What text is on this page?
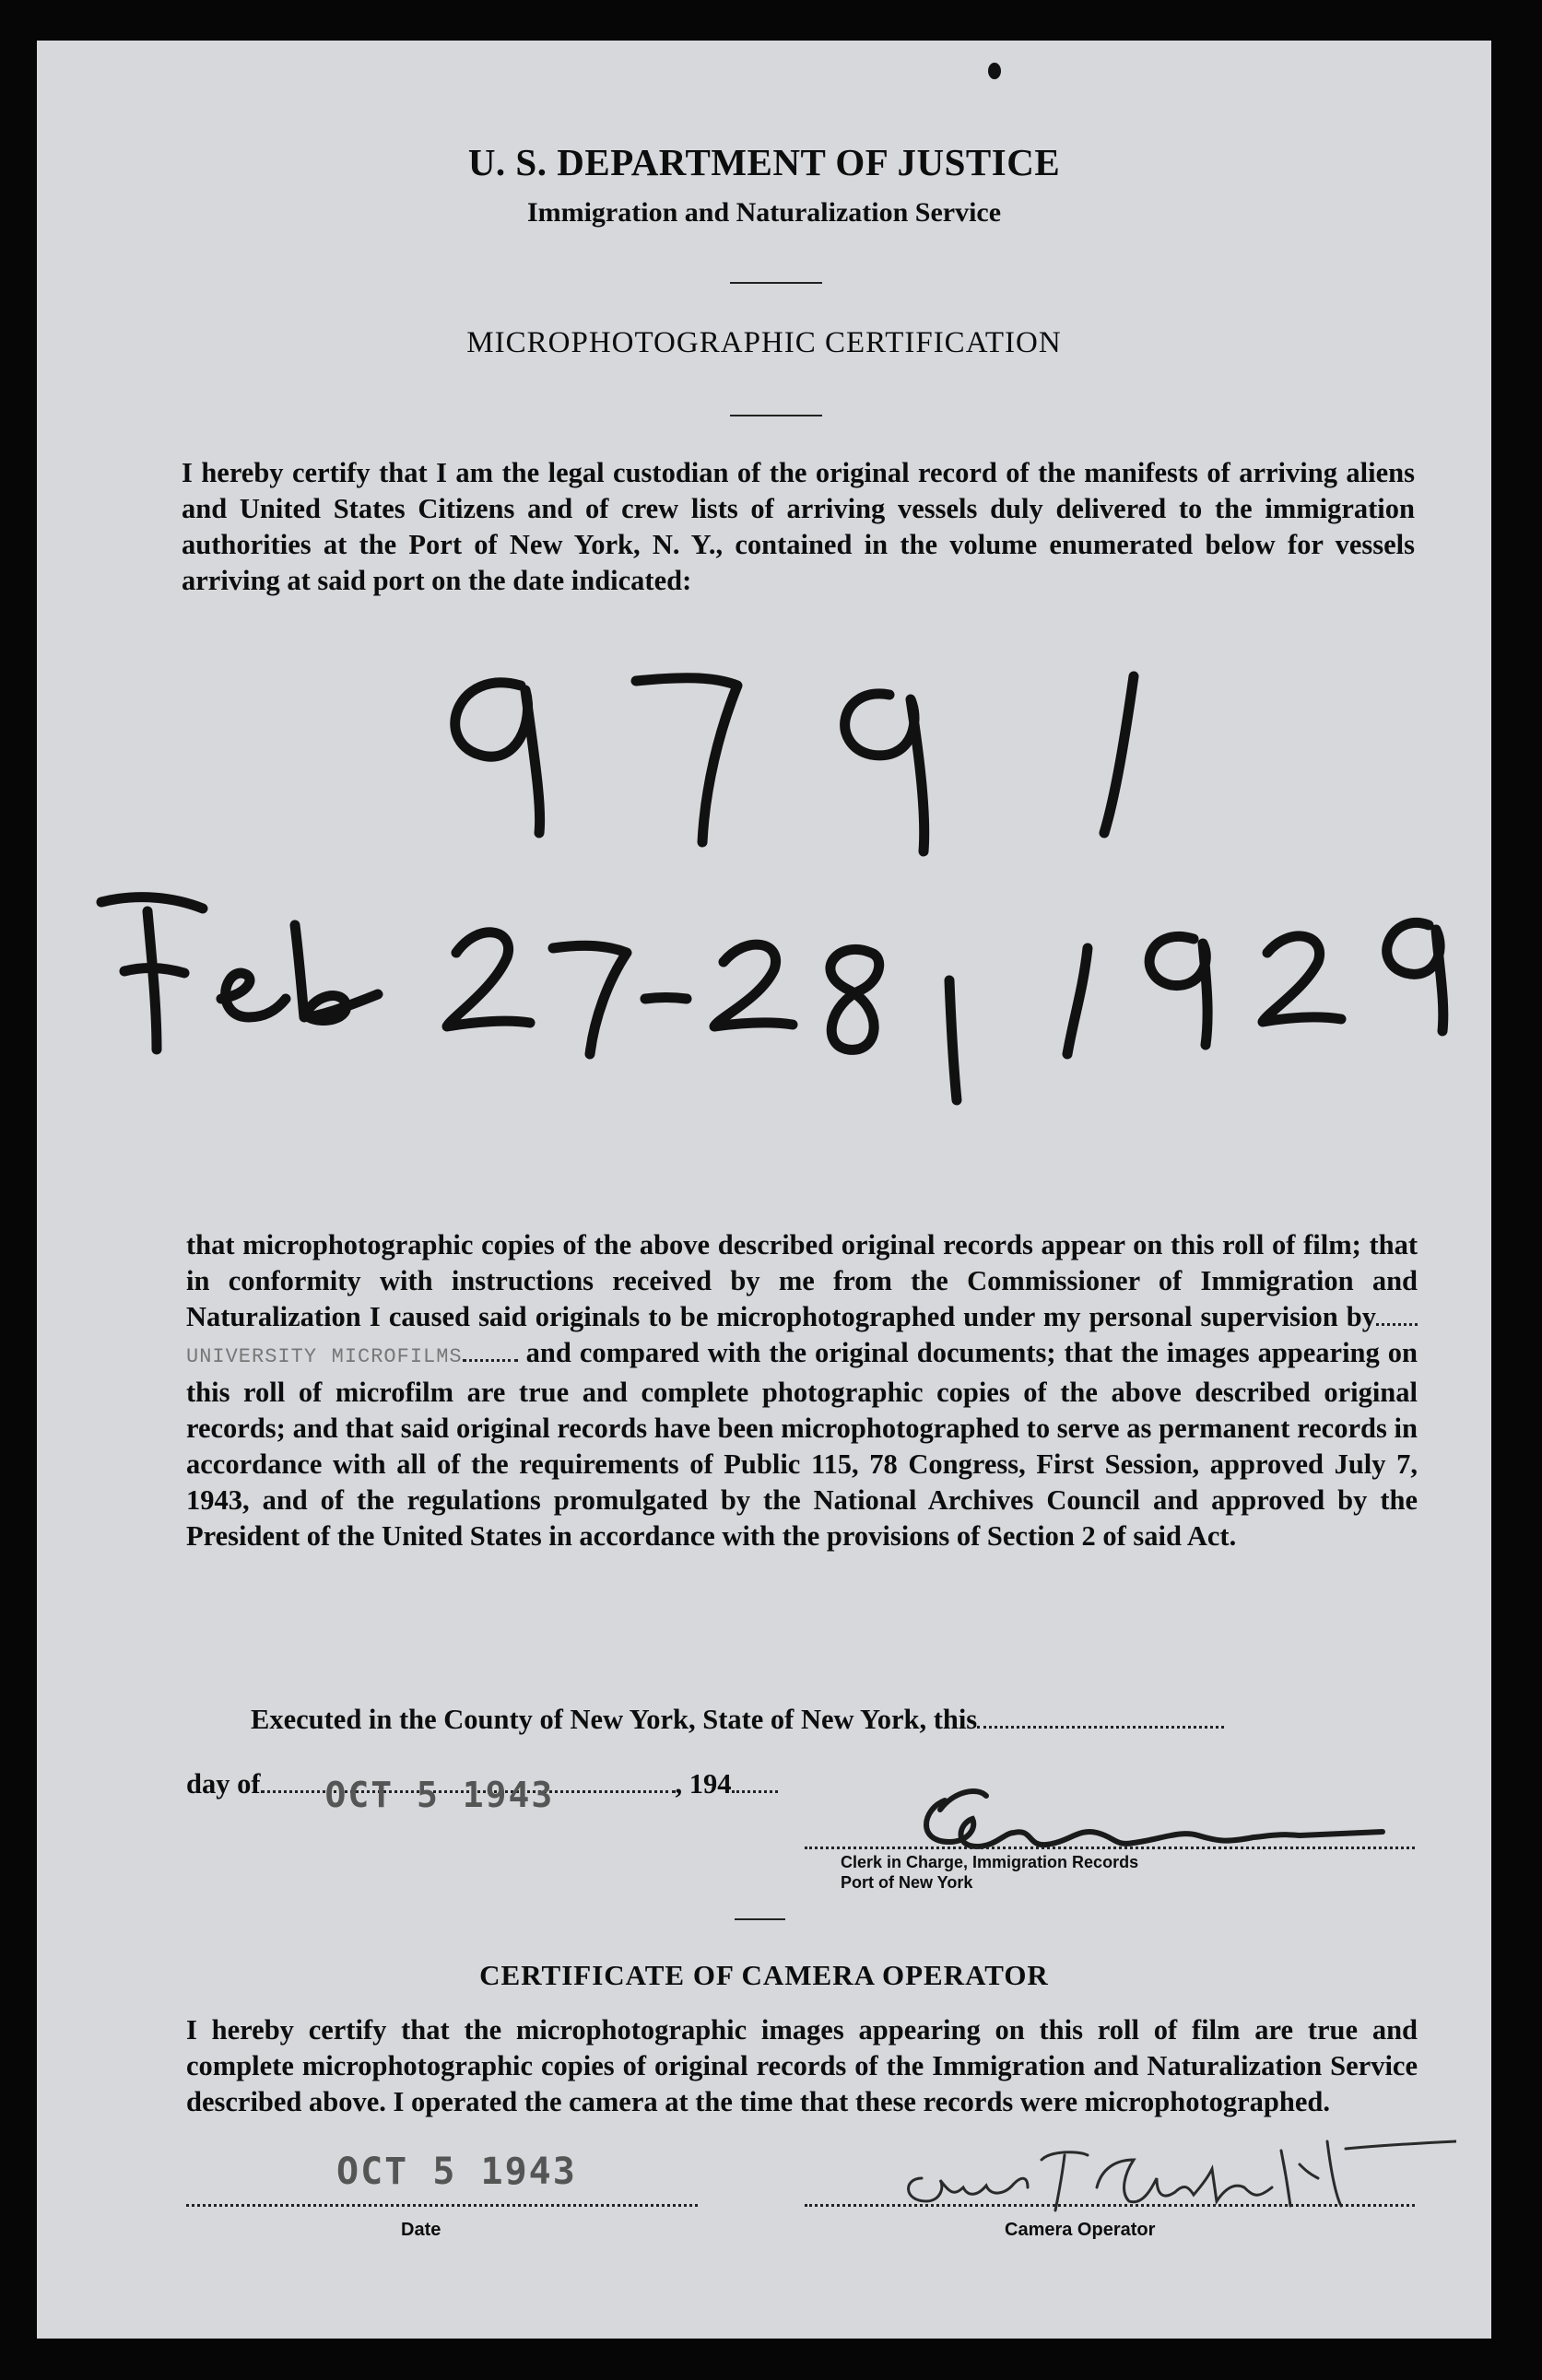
U. S. DEPARTMENT OF JUSTICE
Immigration and Naturalization Service
MICROPHOTOGRAPHIC CERTIFICATION

I hereby certify that I am the legal custodian of the original record of the manifests of arriving aliens and United States Citizens and of crew lists of arriving vessels duly delivered to the immigration authorities at the Port of New York, N. Y., contained in the volume enumerated below for vessels arriving at said port on the date indicated:

that microphotographic copies of the above described original records appear on this roll of film; that in conformity with instructions received by me from the Commissioner of Immigration and Naturalization I caused said originals to be microphotographed under my personal supervision by UNIVERSITY MICROFILMS and compared with the original documents; that the images appearing on this roll of microfilm are true and complete photographic copies of the above described original records; and that said original records have been microphotographed to serve as permanent records in accordance with all of the requirements of Public 115, 78 Congress, First Session, approved July 7, 1943, and of the regulations promulgated by the National Archives Council and approved by the President of the United States in accordance with the provisions of Section 2 of said Act.

Executed in the County of New York, State of New York, this
day of OCT 5 1943	, 194
Clerk in Charge, Immigration Records
Port of New York
CERTIFICATE OF CAMERA OPERATOR

I hereby certify that the microphotographic images appearing on this roll of film are true and complete microphotographic copies of original records of the Immigration and Naturalization Service described above. I operated the camera at the time that these records were microphotographed.

OCT 5 1943
Date	Camera Operator
